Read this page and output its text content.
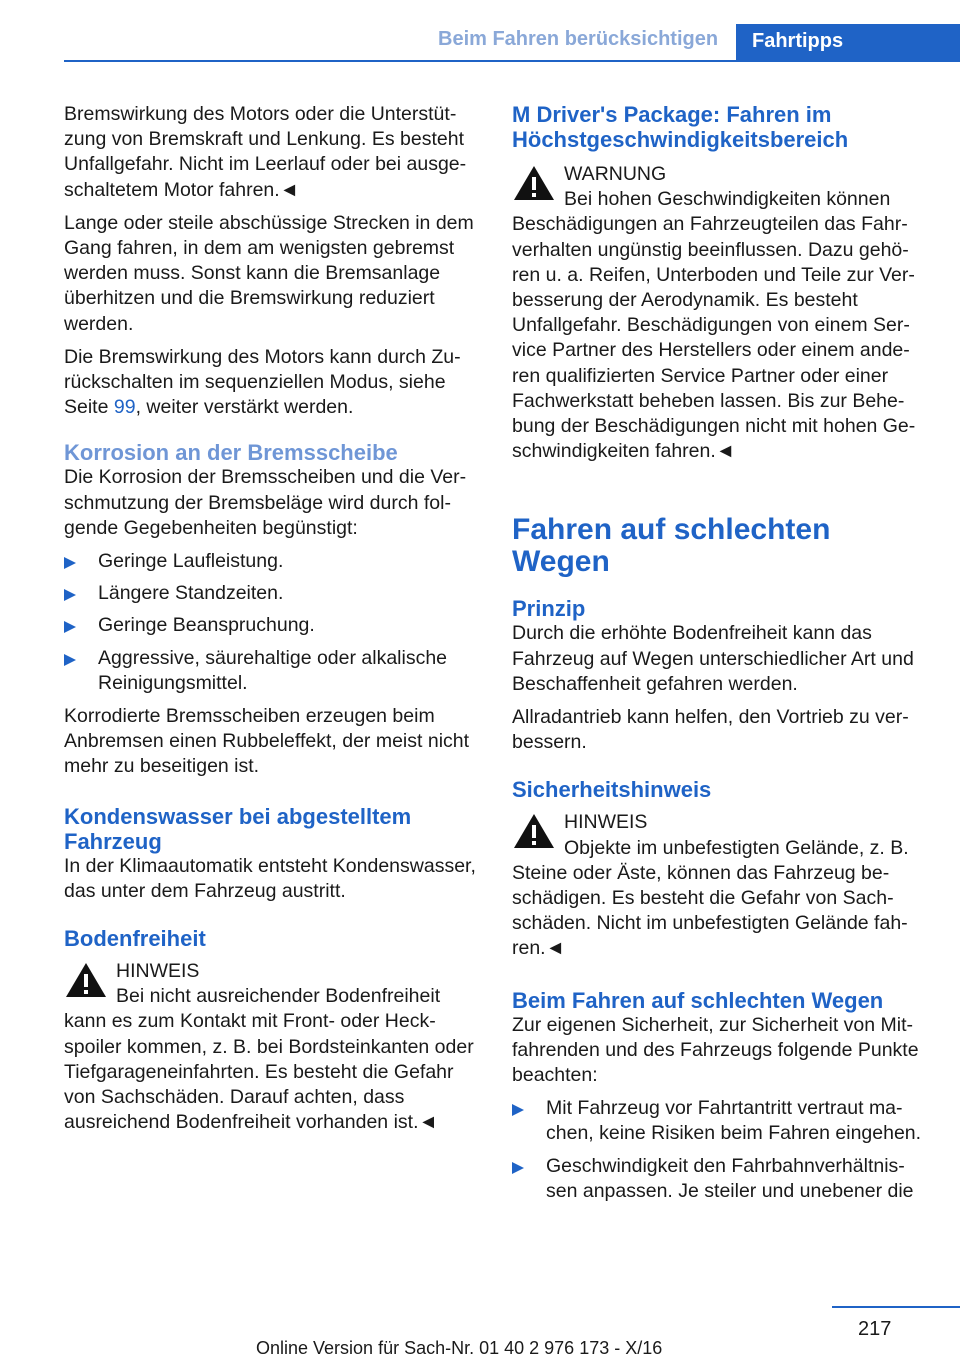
Beim Fahren berücksichtigen	Fahrtipps

Bremswirkung des Motors oder die Unterstützung von Bremskraft und Lenkung. Es besteht Unfallgefahr. Nicht im Leerlauf oder bei ausgeschaltetem Motor fahren.◄

Lange oder steile abschüssige Strecken in dem Gang fahren, in dem am wenigsten gebremst werden muss. Sonst kann die Bremsanlage überhitzen und die Bremswirkung reduziert werden.

Die Bremswirkung des Motors kann durch Zurückschalten im sequenziellen Modus, siehe Seite 99, weiter verstärkt werden.

Korrosion an der Bremsscheibe

Die Korrosion der Bremsscheiben und die Verschmutzung der Bremsbeläge wird durch folgende Gegebenheiten begünstigt:

Geringe Laufleistung.
Längere Standzeiten.
Geringe Beanspruchung.
Aggressive, säurehaltige oder alkalische Reinigungsmittel.

Korrodierte Bremsscheiben erzeugen beim Anbremsen einen Rubbeleffekt, der meist nicht mehr zu beseitigen ist.

Kondenswasser bei abgestelltem Fahrzeug

In der Klimaautomatik entsteht Kondenswasser, das unter dem Fahrzeug austritt.

Bodenfreiheit
HINWEIS
Bei nicht ausreichender Bodenfreiheit kann es zum Kontakt mit Front- oder Heckspoiler kommen, z. B. bei Bordsteinkanten oder Tiefgarageneinfahrten. Es besteht die Gefahr von Sachschäden. Darauf achten, dass ausreichend Bodenfreiheit vorhanden ist.◄
M Driver's Package: Fahren im Höchstgeschwindigkeitsbereich
WARNUNG
Bei hohen Geschwindigkeiten können Beschädigungen an Fahrzeugteilen das Fahrverhalten ungünstig beeinflussen. Dazu gehören u. a. Reifen, Unterboden und Teile zur Verbesserung der Aerodynamik. Es besteht Unfallgefahr. Beschädigungen von einem Service Partner des Herstellers oder einem anderen qualifizierten Service Partner oder einer Fachwerkstatt beheben lassen. Bis zur Behebung der Beschädigungen nicht mit hohen Geschwindigkeiten fahren.◄
Fahren auf schlechten Wegen
Prinzip

Durch die erhöhte Bodenfreiheit kann das Fahrzeug auf Wegen unterschiedlicher Art und Beschaffenheit gefahren werden.

Allradantrieb kann helfen, den Vortrieb zu verbessern.

Sicherheitshinweis
HINWEIS
Objekte im unbefestigten Gelände, z. B. Steine oder Äste, können das Fahrzeug beschädigen. Es besteht die Gefahr von Sachschäden. Nicht im unbefestigten Gelände fahren.◄
Beim Fahren auf schlechten Wegen

Zur eigenen Sicherheit, zur Sicherheit von Mitfahrenden und des Fahrzeugs folgende Punkte beachten:

Mit Fahrzeug vor Fahrtantritt vertraut machen, keine Risiken beim Fahren eingehen.
Geschwindigkeit den Fahrbahnverhältnissen anpassen. Je steiler und unebener die
217
Online Version für Sach-Nr. 01 40 2 976 173 - X/16
